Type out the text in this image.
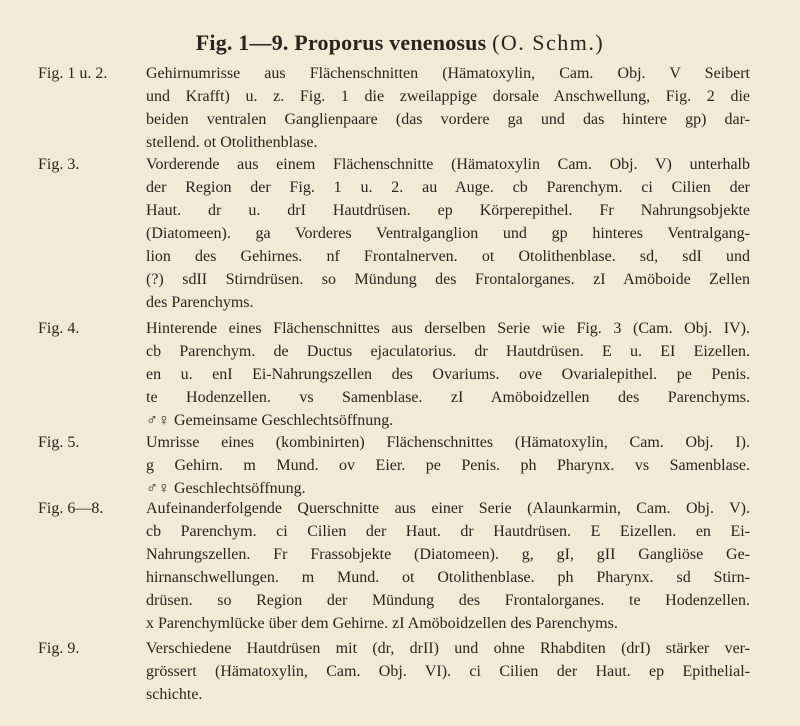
Fig. 1—9. Proporus venenosus (O. Schm.)
Fig. 1 u. 2.	Gehirnumrisse aus Flächenschnitten (Hämatoxylin, Cam. Obj. V Seibert
und Krafft) u. z. Fig. 1 die zweilappige dorsale Anschwellung, Fig. 2 die
beiden ventralen Ganglienpaare (das vordere ga und das hintere gp) dar-
stellend. ot Otolithenblase.
Fig. 3.	Vorderende aus einem Flächenschnitte (Hämatoxylin Cam. Obj. V) unterhalb
der Region der Fig. 1 u. 2. au Auge. cb Parenchym. ci Cilien der
Haut. dr u. drI Hautdrüsen. ep Körperepithel. Fr Nahrungsobjekte
(Diatomeen). ga Vorderes Ventralganglion und gp hinteres Ventralgang-
lion des Gehirnes. nf Frontalnerven. ot Otolithenblase. sd, sdI und
(?) sdII Stirndrüsen. so Mündung des Frontalorganes. zI Amöboide Zellen
des Parenchyms.
Fig. 4.	Hinterende eines Flächenschnittes aus derselben Serie wie Fig. 3 (Cam. Obj. IV).
cb Parenchym. de Ductus ejaculatorius. dr Hautdrüsen. E u. EI Eizellen.
en u. enI Ei-Nahrungszellen des Ovariums. ove Ovarialepithel. pe Penis.
te Hodenzellen. vs Samenblase. zI Amöboidzellen des Parenchyms.
♂♀ Gemeinsame Geschlechtsöffnung.
Fig. 5.	Umrisse eines (kombinirten) Flächenschnittes (Hämatoxylin, Cam. Obj. I).
g Gehirn. m Mund. ov Eier. pe Penis. ph Pharynx. vs Samenblase.
♂♀ Geschlechtsöffnung.
Fig. 6—8.	Aufeinanderfolgende Querschnitte aus einer Serie (Alaunkarmin, Cam. Obj. V).
cb Parenchym. ci Cilien der Haut. dr Hautdrüsen. E Eizellen. en Ei-
Nahrungszellen. Fr Frassobjekte (Diatomeen). g, gI, gII Gangliöse Ge-
hirnanschwellungen. m Mund. ot Otolithenblase. ph Pharynx. sd Stirn-
drüsen. so Region der Mündung des Frontalorganes. te Hodenzellen.
x Parenchymlücke über dem Gehirne. zI Amöboidzellen des Parenchyms.
Fig. 9.	Verschiedene Hautdrüsen mit (dr, drII) und ohne Rhabditen (drI) stärker ver-
grössert (Hämatoxylin, Cam. Obj. VI). ci Cilien der Haut. ep Epithelial-
schichte.
